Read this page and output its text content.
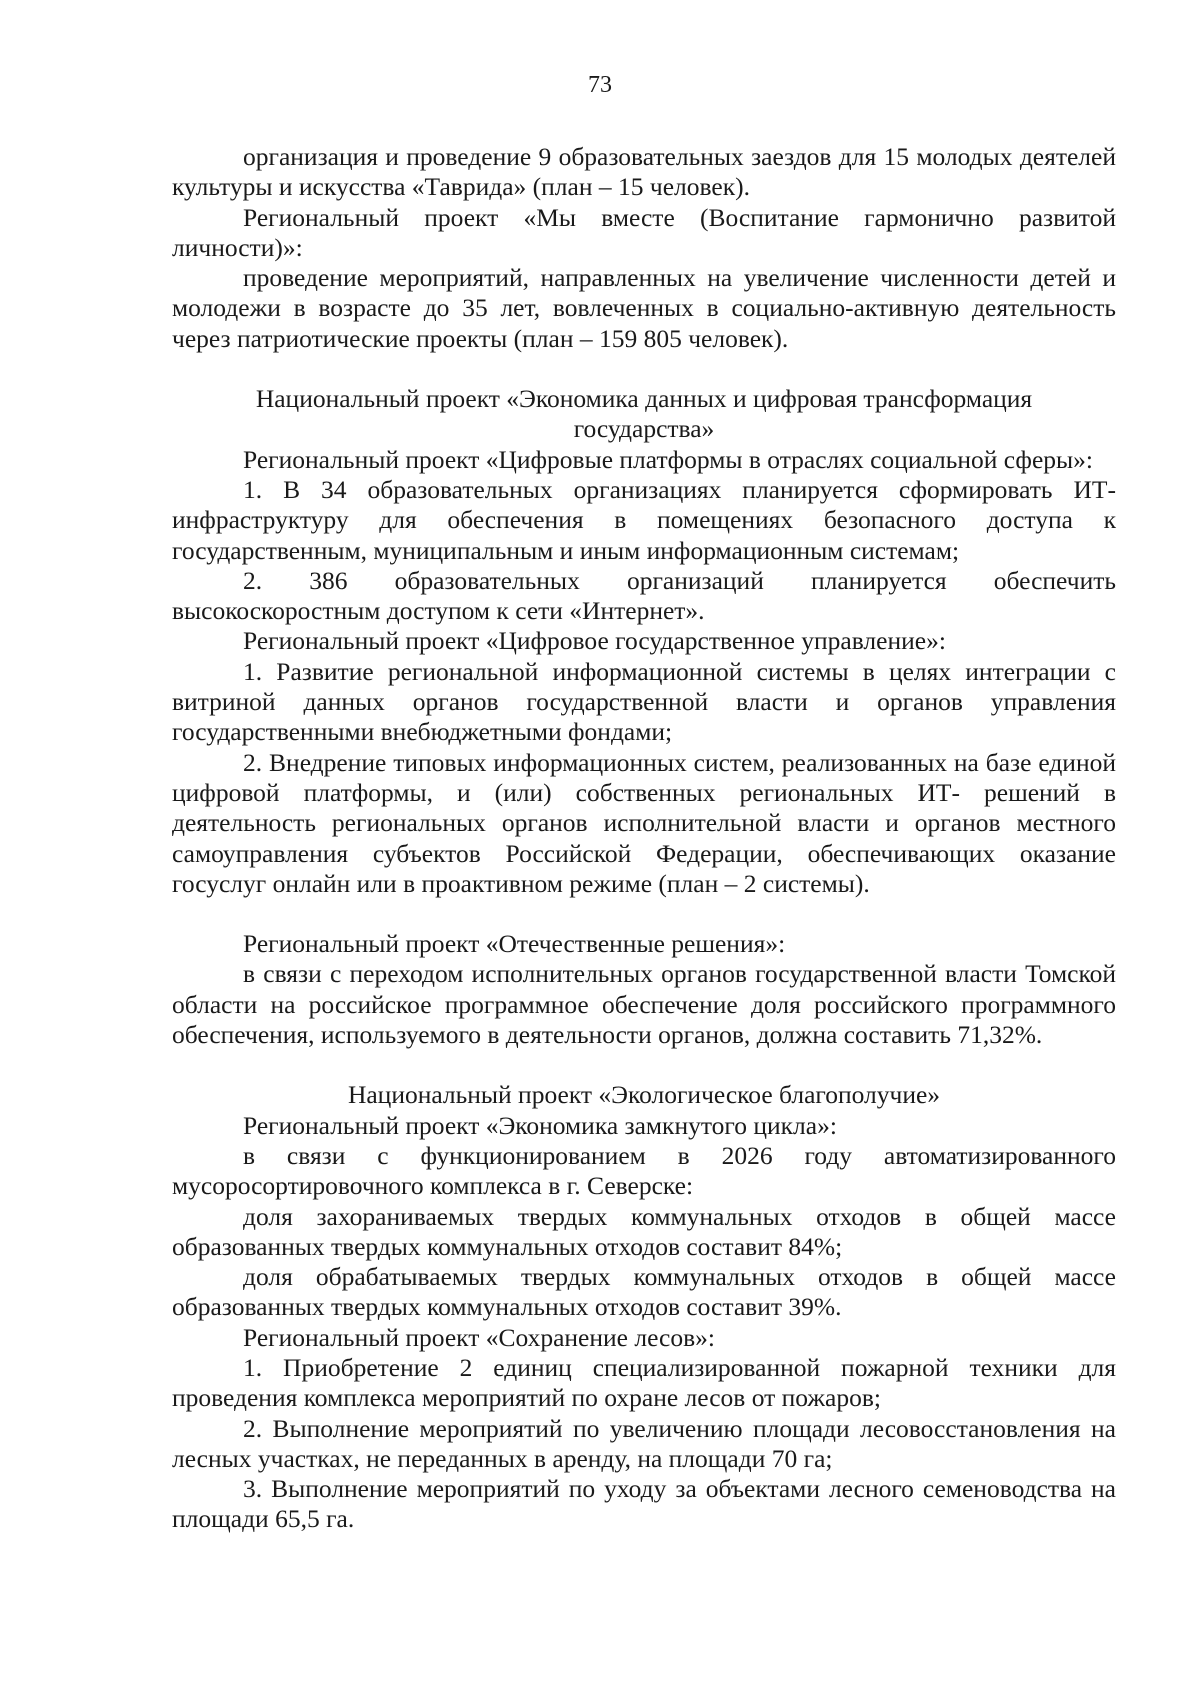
73

организация и проведение 9 образовательных заездов для 15 молодых деятелей культуры и искусства «Таврида» (план – 15 человек).

Региональный проект «Мы вместе (Воспитание гармонично развитой личности)»:

проведение мероприятий, направленных на увеличение численности детей и молодежи в возрасте до 35 лет, вовлеченных в социально-активную деятельность через патриотические проекты (план – 159 805 человек).

Национальный проект «Экономика данных и цифровая трансформация государства»

Региональный проект «Цифровые платформы в отраслях социальной сферы»:

1. В 34 образовательных организациях планируется сформировать ИТ-инфраструктуру для обеспечения в помещениях безопасного доступа к государственным, муниципальным и иным информационным системам;

2. 386 образовательных организаций планируется обеспечить высокоскоростным доступом к сети «Интернет».

Региональный проект «Цифровое государственное управление»:

1. Развитие региональной информационной системы в целях интеграции с витриной данных органов государственной власти и органов управления государственными внебюджетными фондами;

2. Внедрение типовых информационных систем, реализованных на базе единой цифровой платформы, и (или) собственных региональных ИТ- решений в деятельность региональных органов исполнительной власти и органов местного самоуправления субъектов Российской Федерации, обеспечивающих оказание госуслуг онлайн или в проактивном режиме (план – 2 системы).

Региональный проект «Отечественные решения»:

в связи с переходом исполнительных органов государственной власти Томской области на российское программное обеспечение доля российского программного обеспечения, используемого в деятельности органов, должна составить 71,32%.

Национальный проект «Экологическое благополучие»

Региональный проект «Экономика замкнутого цикла»:

в связи с функционированием в 2026 году автоматизированного мусоросортировочного комплекса в г. Северске:

доля захораниваемых твердых коммунальных отходов в общей массе образованных твердых коммунальных отходов составит 84%;

доля обрабатываемых твердых коммунальных отходов в общей массе образованных твердых коммунальных отходов составит 39%.

Региональный проект «Сохранение лесов»:

1. Приобретение 2 единиц специализированной пожарной техники для проведения комплекса мероприятий по охране лесов от пожаров;

2. Выполнение мероприятий по увеличению площади лесовосстановления на лесных участках, не переданных в аренду, на площади 70 га;

3. Выполнение мероприятий по уходу за объектами лесного семеноводства на площади 65,5 га.
